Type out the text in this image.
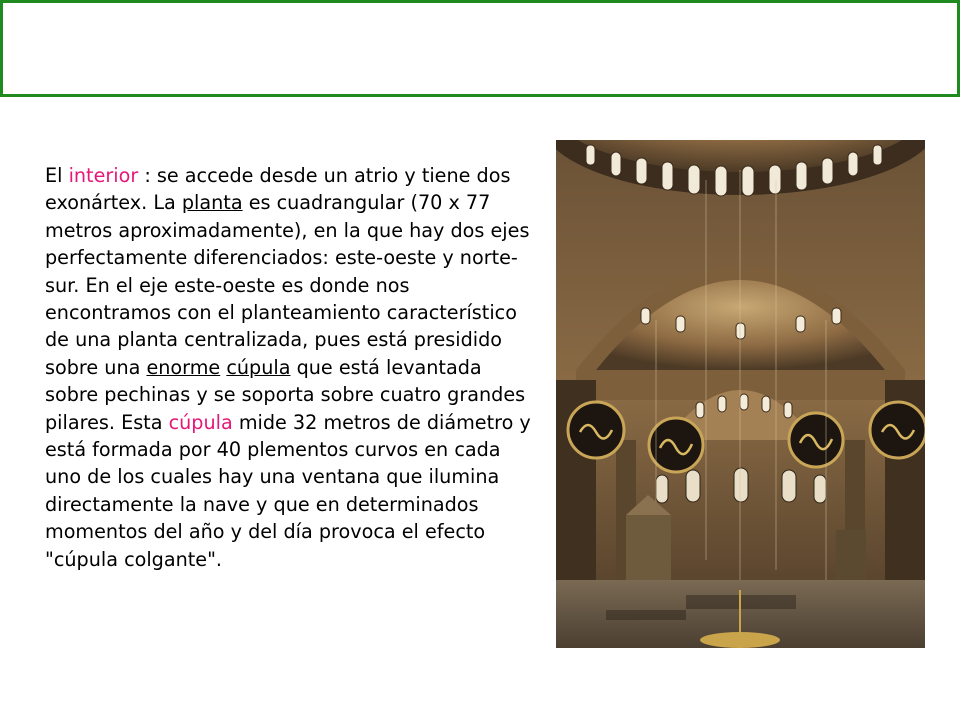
El interior : se accede desde un atrio y tiene dos exonártex. La planta es cuadrangular (70 x 77 metros aproximadamente), en la que hay dos ejes perfectamente diferenciados: este-oeste y norte-sur. En el eje este-oeste es donde nos encontramos con el planteamiento característico de una planta centralizada, pues está presidido sobre una enorme cúpula que está levantada sobre pechinas y se soporta sobre cuatro grandes pilares. Esta cúpula mide 32 metros de diámetro y está formada por 40 plementos curvos en cada uno de los cuales hay una ventana que ilumina directamente la nave y que en determinados momentos del año y del día provoca el efecto "cúpula colgante".
